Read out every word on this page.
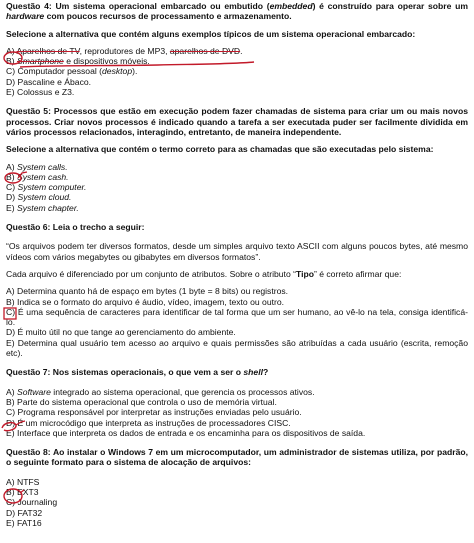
Questão 4: Um sistema operacional embarcado ou embutido (embedded) é construído para operar sobre um hardware com poucos recursos de processamento e armazenamento.

Selecione a alternativa que contém alguns exemplos típicos de um sistema operacional embarcado:

A) Aparelhos de TV, reprodutores de MP3, aparelhos de DVD.

B) Smartphone e dispositivos móveis.

C) Computador pessoal (desktop).

D) Pascaline e Ábaco.

E) Colossus e Z3.

Questão 5: Processos que estão em execução podem fazer chamadas de sistema para criar um ou mais novos processos. Criar novos processos é indicado quando a tarefa a ser executada puder ser facilmente dividida em vários processos relacionados, interagindo, entretanto, de maneira independente.

Selecione a alternativa que contém o termo correto para as chamadas que são executadas pelo sistema:

A) System calls.

B) System cash.

C) System computer.

D) System cloud.

E) System chapter.

Questão 6: Leia o trecho a seguir:

“Os arquivos podem ter diversos formatos, desde um simples arquivo texto ASCII com alguns poucos bytes, até mesmo vídeos com vários megabytes ou gibabytes em diversos formatos”.

Cada arquivo é diferenciado por um conjunto de atributos. Sobre o atributo “Tipo” é correto afirmar que:

A) Determina quanto há de espaço em bytes (1 byte = 8 bits) ou registros.

B) Indica se o formato do arquivo é áudio, vídeo, imagem, texto ou outro.

C) É uma sequência de caracteres para identificar de tal forma que um ser humano, ao vê-lo na tela, consiga identificá-lo.

D) É muito útil no que tange ao gerenciamento do ambiente.

E) Determina qual usuário tem acesso ao arquivo e quais permissões são atribuídas a cada usuário (escrita, remoção etc).

Questão 7: Nos sistemas operacionais, o que vem a ser o shell?

A) Software integrado ao sistema operacional, que gerencia os processos ativos.

B) Parte do sistema operacional que controla o uso de memória virtual.

C) Programa responsável por interpretar as instruções enviadas pelo usuário.

D) É um microcódigo que interpreta as instruções de processadores CISC.

E) Interface que interpreta os dados de entrada e os encaminha para os dispositivos de saída.

Questão 8: Ao instalar o Windows 7 em um microcomputador, um administrador de sistemas utiliza, por padrão, o seguinte formato para o sistema de alocação de arquivos:

A) NTFS

B) EXT3

C) Journaling

D) FAT32

E) FAT16
